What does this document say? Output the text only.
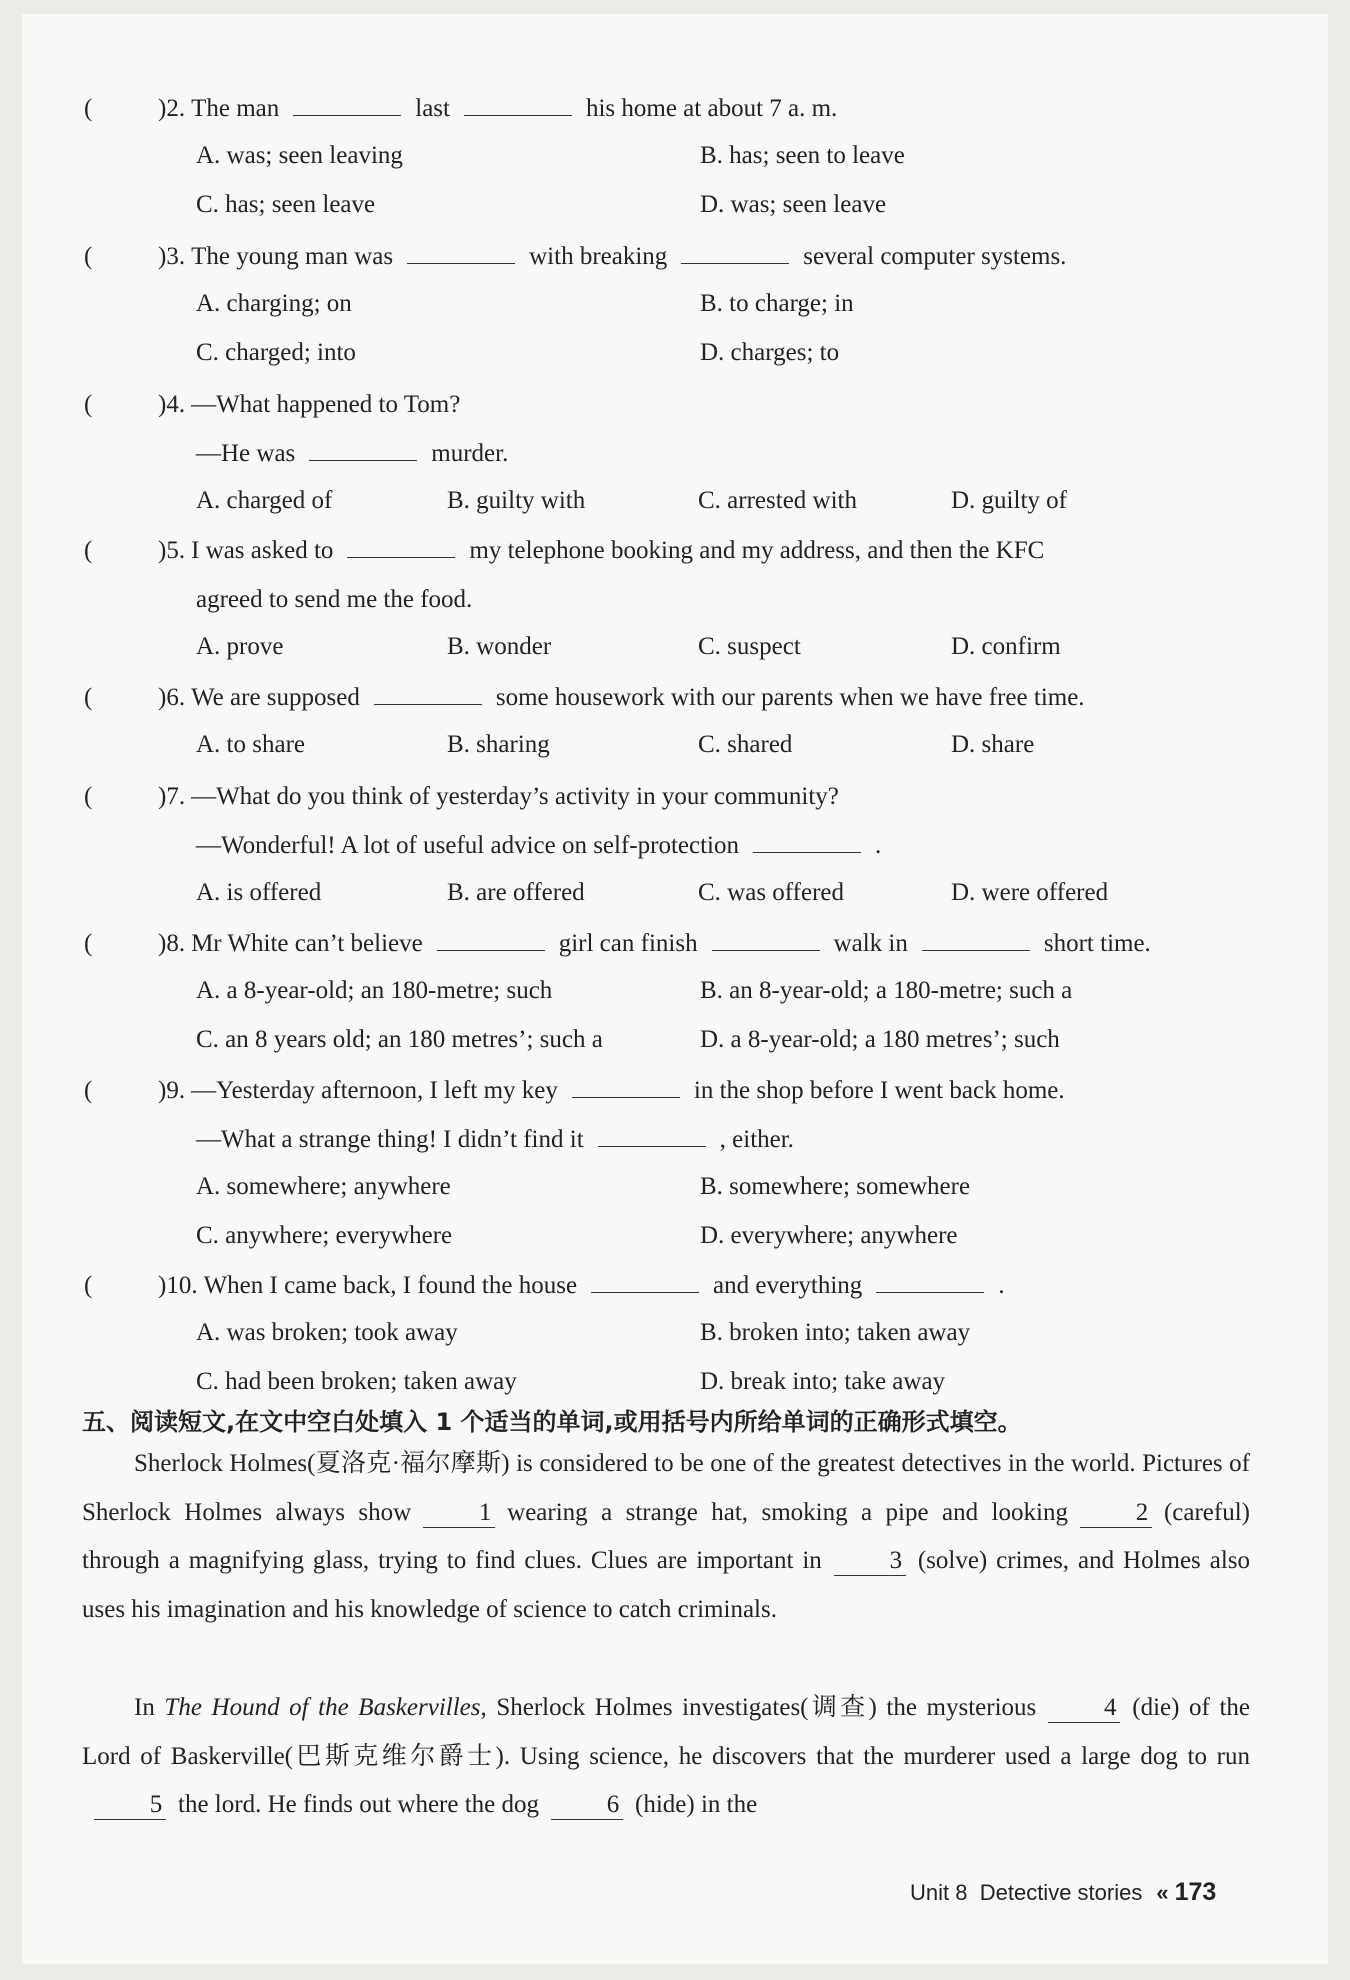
(	)2. The man	last	his home at about 7 a. m.
A. was; seen leaving	B. has; seen to leave
C. has; seen leave	D. was; seen leave
(	)3. The young man was	with breaking	several computer systems.
A. charging; on	B. to charge; in
C. charged; into	D. charges; to
(	)4. —What happened to Tom?
—He was	murder.
A. charged of	B. guilty with	C. arrested with	D. guilty of
(	)5. I was asked to	my telephone booking and my address, and then the KFC
agreed to send me the food.
A. prove	B. wonder	C. suspect	D. confirm
(	)6. We are supposed	some housework with our parents when we have free time.
A. to share	B. sharing	C. shared	D. share
(	)7. —What do you think of yesterday’s activity in your community?
—Wonderful! A lot of useful advice on self-protection	.
A. is offered	B. are offered	C. was offered	D. were offered
(	)8. Mr White can’t believe	girl can finish	walk in	short time.
A. a 8-year-old; an 180-metre; such	B. an 8-year-old; a 180-metre; such a
C. an 8 years old; an 180 metres’; such a	D. a 8-year-old; a 180 metres’; such
(	)9. —Yesterday afternoon, I left my key	in the shop before I went back home.
—What a strange thing! I didn’t find it	, either.
A. somewhere; anywhere	B. somewhere; somewhere
C. anywhere; everywhere	D. everywhere; anywhere
(	)10. When I came back, I found the house	and everything	.
A. was broken; took away	B. broken into; taken away
C. had been broken; taken away	D. break into; take away
五、阅读短文,在文中空白处填入 1 个适当的单词,或用括号内所给单词的正确形式填空。
Sherlock Holmes(夏洛克·福尔摩斯) is considered to be one of the greatest detectives in the world. Pictures of Sherlock Holmes always show	1 wearing a strange hat, smoking a pipe and looking	2 (careful) through a magnifying glass, trying to find clues. Clues are important in	3 (solve) crimes, and Holmes also uses his imagination and his knowledge of science to catch criminals.
In The Hound of the Baskervilles, Sherlock Holmes investigates(调查) the mysterious	4 (die) of the Lord of Baskerville(巴斯克维尔爵士). Using science, he discovers that the murderer used a large dog to run5 the lord. He finds out where the dog	6 (hide) in the
Unit 8 Detective stories « 173
